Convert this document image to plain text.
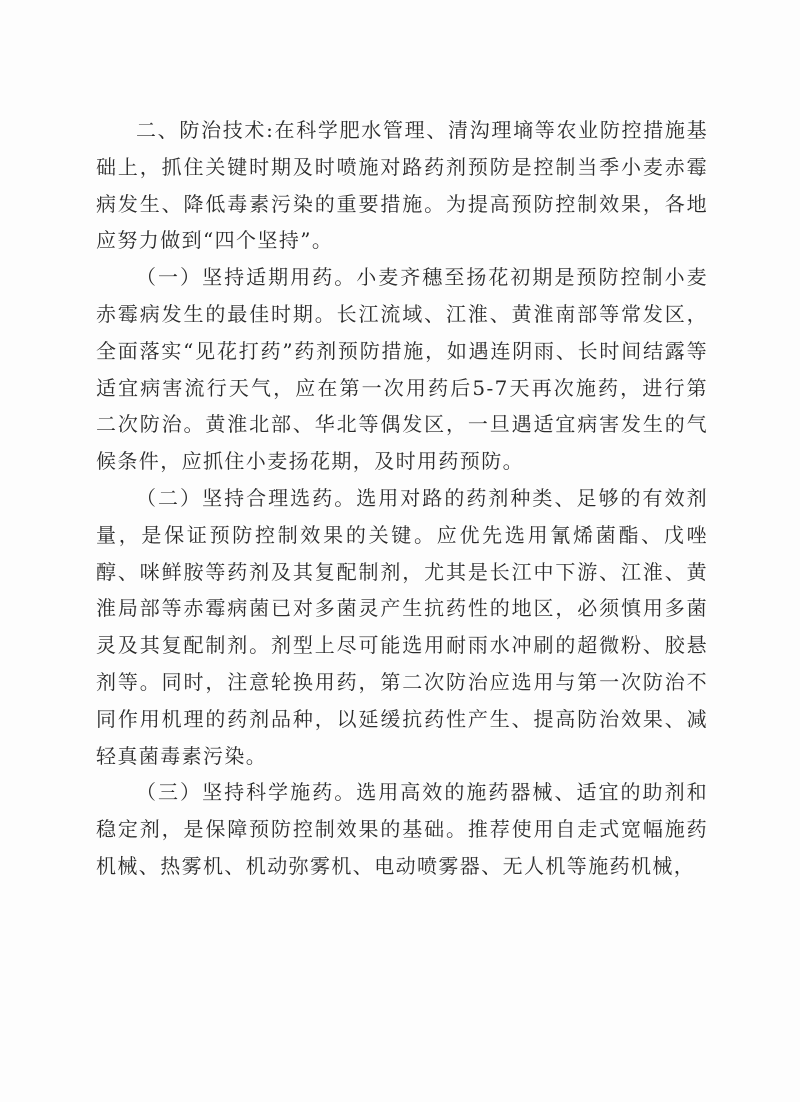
二、防治技术:在科学肥水管理、清沟理墒等农业防控措施基础上，抓住关键时期及时喷施对路药剂预防是控制当季小麦赤霉病发生、降低毒素污染的重要措施。为提高预防控制效果，各地应努力做到“四个坚持”。

（一）坚持适期用药。小麦齐穗至扬花初期是预防控制小麦赤霉病发生的最佳时期。长江流域、江淮、黄淮南部等常发区，全面落实“见花打药”药剂预防措施，如遇连阴雨、长时间结露等适宜病害流行天气，应在第一次用药后5-7天再次施药，进行第二次防治。黄淮北部、华北等偶发区，一旦遇适宜病害发生的气候条件，应抓住小麦扬花期，及时用药预防。

（二）坚持合理选药。选用对路的药剂种类、足够的有效剂量，是保证预防控制效果的关键。应优先选用氰烯菌酯、戊唑醇、咪鲜胺等药剂及其复配制剂，尤其是长江中下游、江淮、黄淮局部等赤霉病菌已对多菌灵产生抗药性的地区，必须慎用多菌灵及其复配制剂。剂型上尽可能选用耐雨水冲刷的超微粉、胶悬剂等。同时，注意轮换用药，第二次防治应选用与第一次防治不同作用机理的药剂品种，以延缓抗药性产生、提高防治效果、减轻真菌毒素污染。

（三）坚持科学施药。选用高效的施药器械、适宜的助剂和稳定剂，是保障预防控制效果的基础。推荐使用自走式宽幅施药机械、热雾机、机动弥雾机、电动喷雾器、无人机等施药机械，
